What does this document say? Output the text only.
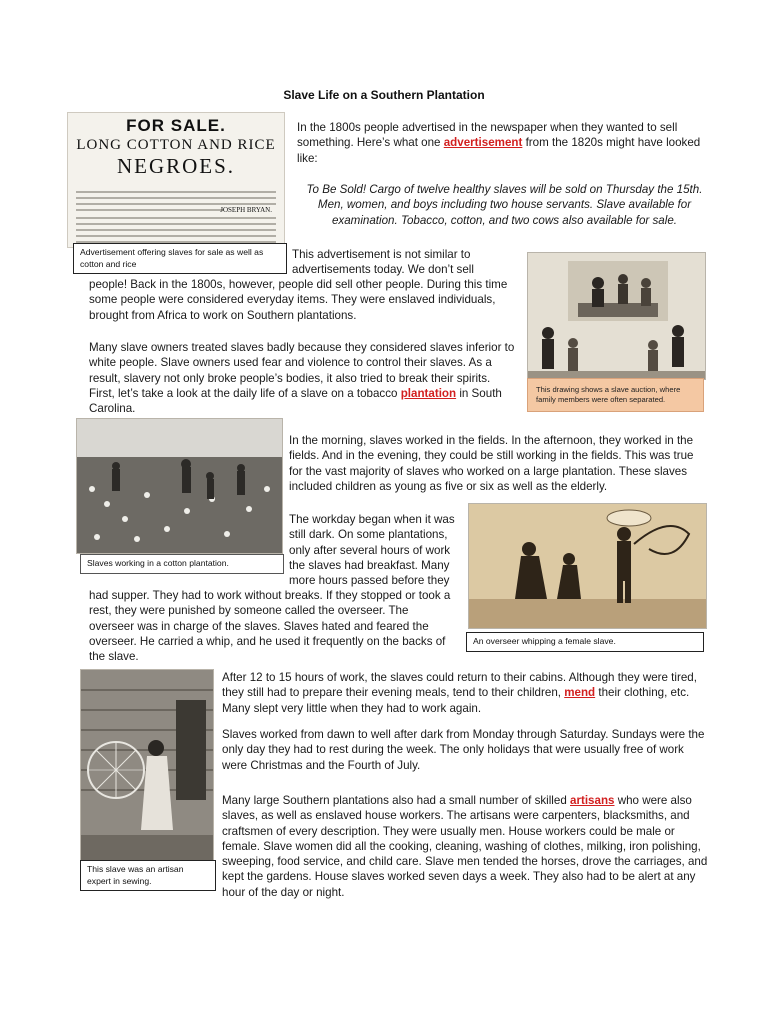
Slave Life on a Southern Plantation
FOR SALE.
LONG COTTON AND RICE
NEGROES.
JOSEPH BRYAN.
Advertisement offering slaves for sale as well as cotton and rice
In the 1800s people advertised in the newspaper when they wanted to sell something. Here’s what one advertisement from the 1820s might have looked like:
To Be Sold! Cargo of twelve healthy slaves will be sold on Thursday the 15th. Men, women, and boys including two house servants. Slave available for examination. Tobacco, cotton, and two cows also available for sale.
This advertisement is not similar to
advertisements today. We don’t sell
people! Back in the 1800s, however, people did sell other people. During this time some people were considered everyday items. They were enslaved individuals, brought from Africa to work on Southern plantations.
This drawing shows a slave auction, where family members were often separated.
Many slave owners treated slaves badly because they considered slaves inferior to white people. Slave owners used fear and violence to control their slaves. As a result, slavery not only broke people’s bodies, it also tried to break their spirits. First, let’s take a look at the daily life of a slave on a tobacco plantation in South Carolina.
Slaves working in a cotton plantation.
In the morning, slaves worked in the fields. In the afternoon, they worked in the fields. And in the evening, they could be still working in the fields. This was true for the vast majority of slaves who worked on a large plantation. These slaves included children as young as five or six as well as the elderly.
The workday began when it was still dark. On some plantations, only after several hours of work the slaves had breakfast. Many more hours passed before they
had supper. They had to work without breaks. If they stopped or took a rest, they were punished by someone called the overseer. The overseer was in charge of the slaves. Slaves hated and feared the overseer. He carried a whip, and he used it frequently on the backs of the slave.
An overseer whipping a female slave.
This slave was an artisan expert in sewing.
After 12 to 15 hours of work, the slaves could return to their cabins. Although they were tired, they still had to prepare their evening meals, tend to their children, mend their clothing, etc. Many slept very little when they had to work again.
Slaves worked from dawn to well after dark from Monday through Saturday. Sundays were the only day they had to rest during the week. The only holidays that were usually free of work were Christmas and the Fourth of July.
Many large Southern plantations also had a small number of skilled artisans who were also slaves, as well as enslaved house workers. The artisans were carpenters, blacksmiths, and craftsmen of every description. They were usually men. House workers could be male or female. Slave women did all the cooking, cleaning, washing of clothes, milking, iron polishing, sweeping, food service, and child care. Slave men tended the horses, drove the carriages, and kept the gardens. House slaves worked seven days a week. They also had to be alert at any hour of the day or night.
